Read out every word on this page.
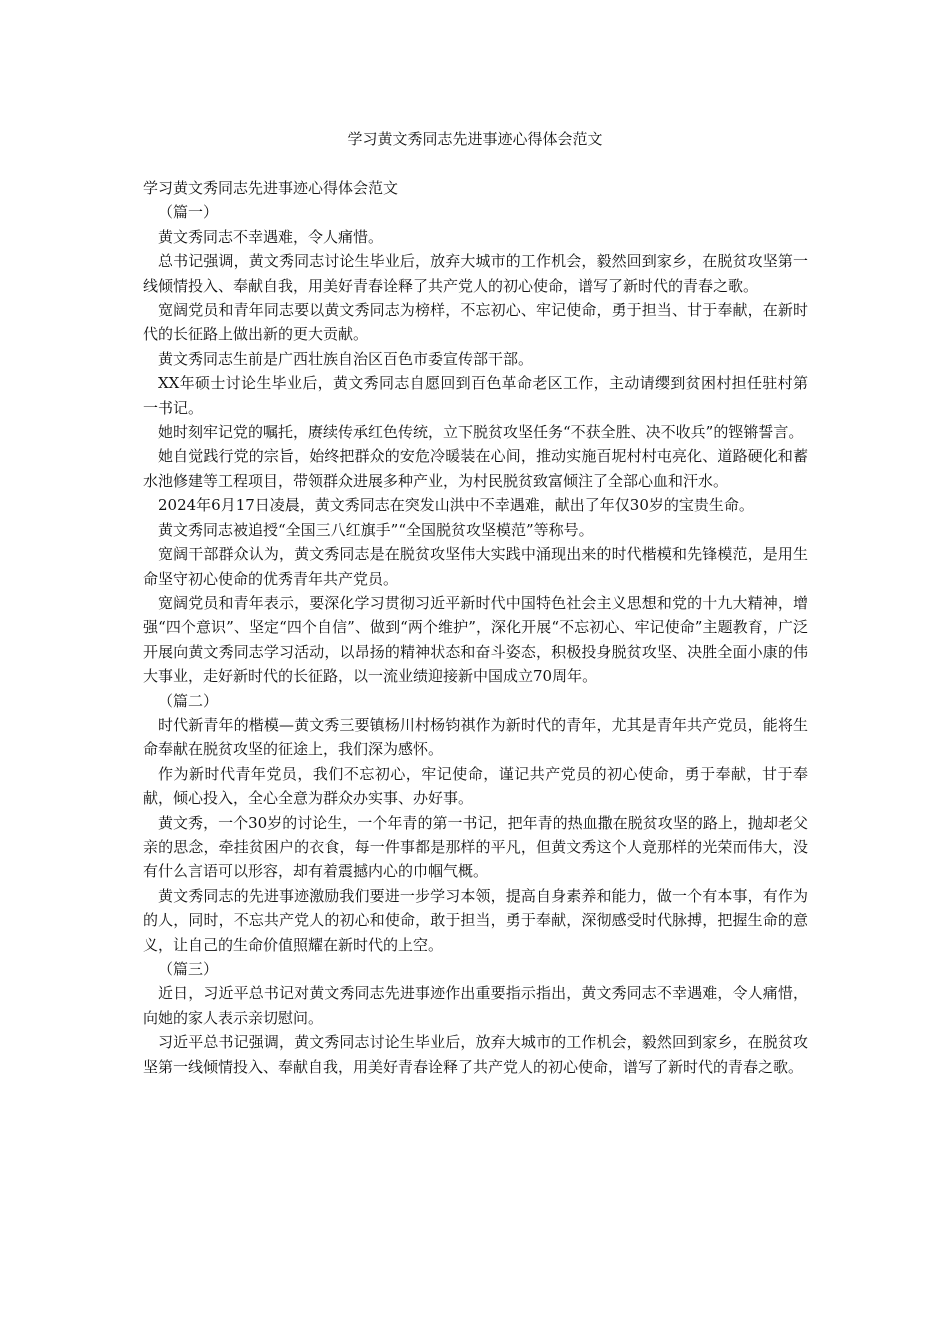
学习黄文秀同志先进事迹心得体会范文

学习黄文秀同志先进事迹心得体会范文

（篇一）

黄文秀同志不幸遇难，令人痛惜。

总书记强调，黄文秀同志讨论生毕业后，放弃大城市的工作机会，毅然回到家乡，在脱贫攻坚第一线倾情投入、奉献自我，用美好青春诠释了共产党人的初心使命，谱写了新时代的青春之歌。

宽阔党员和青年同志要以黄文秀同志为榜样，不忘初心、牢记使命，勇于担当、甘于奉献，在新时代的长征路上做出新的更大贡献。

黄文秀同志生前是广西壮族自治区百色市委宣传部干部。

XX年硕士讨论生毕业后，黄文秀同志自愿回到百色革命老区工作，主动请缨到贫困村担任驻村第一书记。

她时刻牢记党的嘱托，赓续传承红色传统，立下脱贫攻坚任务“不获全胜、决不收兵”的铿锵誓言。

她自觉践行党的宗旨，始终把群众的安危冷暖装在心间，推动实施百坭村村屯亮化、道路硬化和蓄水池修建等工程项目，带领群众进展多种产业，为村民脱贫致富倾注了全部心血和汗水。

2024年6月17日凌晨，黄文秀同志在突发山洪中不幸遇难，献出了年仅30岁的宝贵生命。

黄文秀同志被追授“全国三八红旗手”“全国脱贫攻坚模范”等称号。

宽阔干部群众认为，黄文秀同志是在脱贫攻坚伟大实践中涌现出来的时代楷模和先锋模范，是用生命坚守初心使命的优秀青年共产党员。

宽阔党员和青年表示，要深化学习贯彻习近平新时代中国特色社会主义思想和党的十九大精神，增强“四个意识”、坚定“四个自信”、做到“两个维护”，深化开展“不忘初心、牢记使命”主题教育，广泛开展向黄文秀同志学习活动，以昂扬的精神状态和奋斗姿态，积极投身脱贫攻坚、决胜全面小康的伟大事业，走好新时代的长征路，以一流业绩迎接新中国成立70周年。

（篇二）

时代新青年的楷模—黄文秀三要镇杨川村杨钧祺作为新时代的青年，尤其是青年共产党员，能将生命奉献在脱贫攻坚的征途上，我们深为感怀。

作为新时代青年党员，我们不忘初心，牢记使命，谨记共产党员的初心使命，勇于奉献，甘于奉献，倾心投入，全心全意为群众办实事、办好事。

黄文秀，一个30岁的讨论生，一个年青的第一书记，把年青的热血撒在脱贫攻坚的路上，抛却老父亲的思念，牵挂贫困户的衣食，每一件事都是那样的平凡，但黄文秀这个人竟那样的光荣而伟大，没有什么言语可以形容，却有着震撼内心的巾帼气概。

黄文秀同志的先进事迹激励我们要进一步学习本领，提高自身素养和能力，做一个有本事，有作为的人，同时，不忘共产党人的初心和使命，敢于担当，勇于奉献，深彻感受时代脉搏，把握生命的意义，让自己的生命价值照耀在新时代的上空。

（篇三）

近日，习近平总书记对黄文秀同志先进事迹作出重要指示指出，黄文秀同志不幸遇难，令人痛惜，向她的家人表示亲切慰问。

习近平总书记强调，黄文秀同志讨论生毕业后，放弃大城市的工作机会，毅然回到家乡，在脱贫攻坚第一线倾情投入、奉献自我，用美好青春诠释了共产党人的初心使命，谱写了新时代的青春之歌。
